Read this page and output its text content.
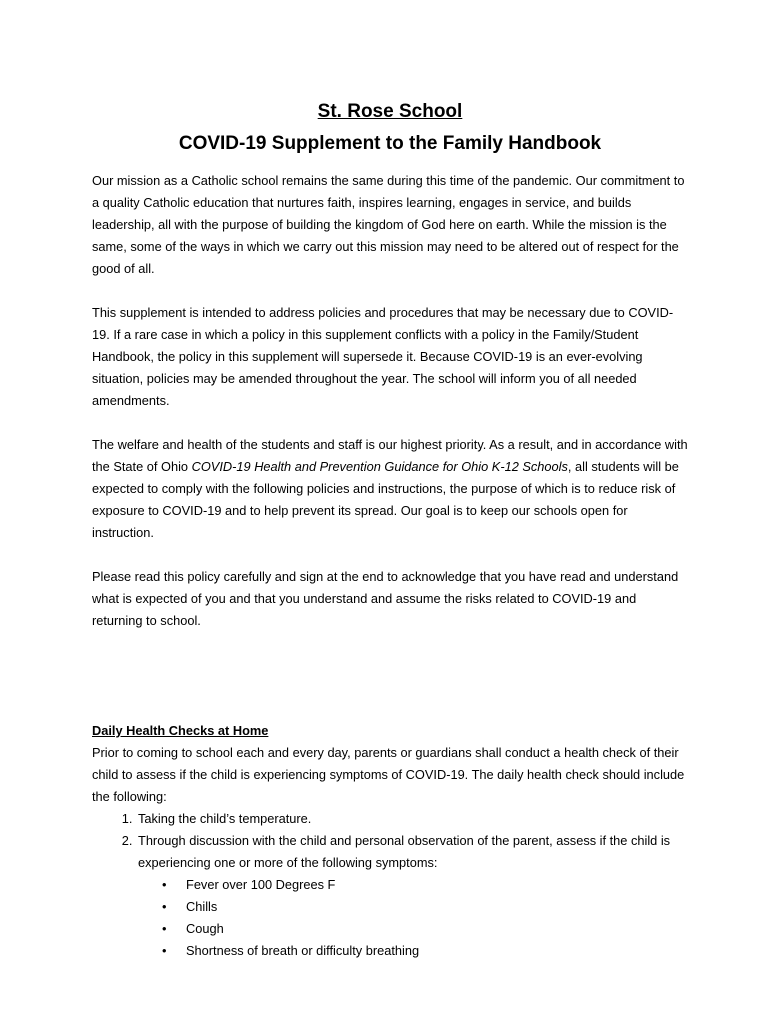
St. Rose School
COVID-19 Supplement to the Family Handbook

Our mission as a Catholic school remains the same during this time of the pandemic. Our commitment to a quality Catholic education that nurtures faith, inspires learning, engages in service, and builds leadership, all with the purpose of building the kingdom of God here on earth. While the mission is the same, some of the ways in which we carry out this mission may need to be altered out of respect for the good of all.

This supplement is intended to address policies and procedures that may be necessary due to COVID-19. If a rare case in which a policy in this supplement conflicts with a policy in the Family/Student Handbook, the policy in this supplement will supersede it. Because COVID-19 is an ever-evolving situation, policies may be amended throughout the year. The school will inform you of all needed amendments.

The welfare and health of the students and staff is our highest priority. As a result, and in accordance with the State of Ohio COVID-19 Health and Prevention Guidance for Ohio K-12 Schools, all students will be expected to comply with the following policies and instructions, the purpose of which is to reduce risk of exposure to COVID-19 and to help prevent its spread. Our goal is to keep our schools open for instruction.

Please read this policy carefully and sign at the end to acknowledge that you have read and understand what is expected of you and that you understand and assume the risks related to COVID-19 and returning to school.

Daily Health Checks at Home

Prior to coming to school each and every day, parents or guardians shall conduct a health check of their child to assess if the child is experiencing symptoms of COVID-19. The daily health check should include the following:

1. Taking the child’s temperature.
2. Through discussion with the child and personal observation of the parent, assess if the child is experiencing one or more of the following symptoms:
• Fever over 100 Degrees F
• Chills
• Cough
• Shortness of breath or difficulty breathing
